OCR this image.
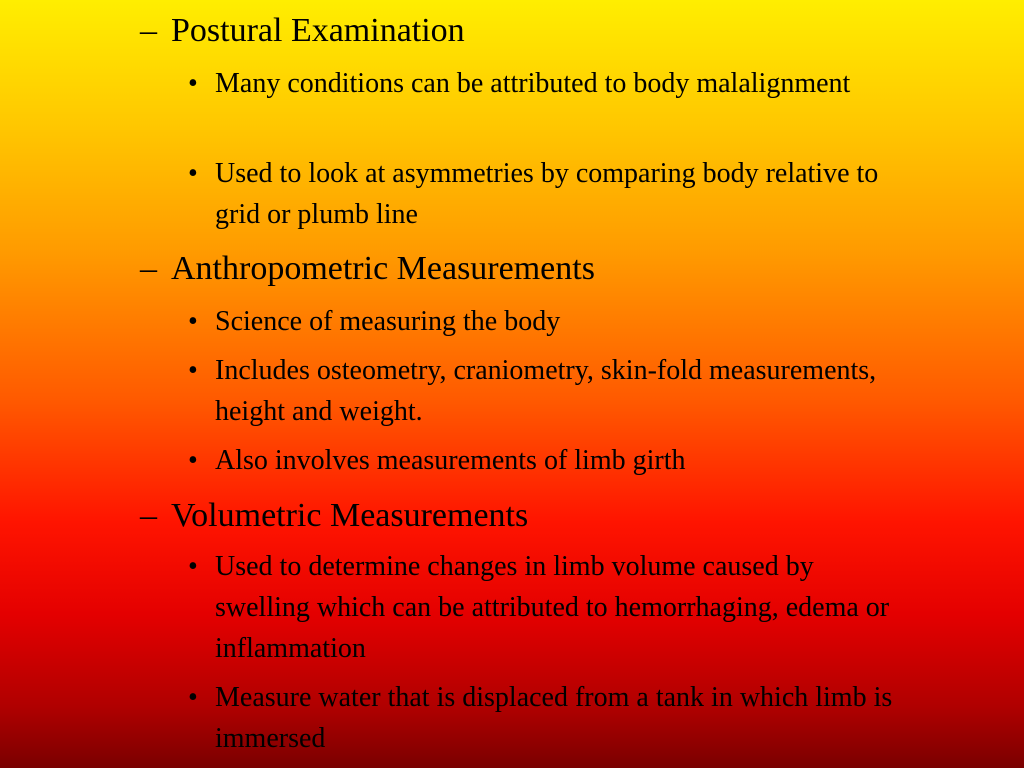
– Postural Examination
• Many conditions can be attributed to body malalignment
• Used to look at asymmetries by comparing body relative to grid or plumb line
– Anthropometric Measurements
• Science of measuring the body
• Includes osteometry, craniometry, skin-fold measurements, height and weight.
• Also involves measurements of limb girth
– Volumetric Measurements
• Used to determine changes in limb volume caused by swelling which can be attributed to hemorrhaging, edema or inflammation
• Measure water that is displaced from a tank in which limb is immersed
